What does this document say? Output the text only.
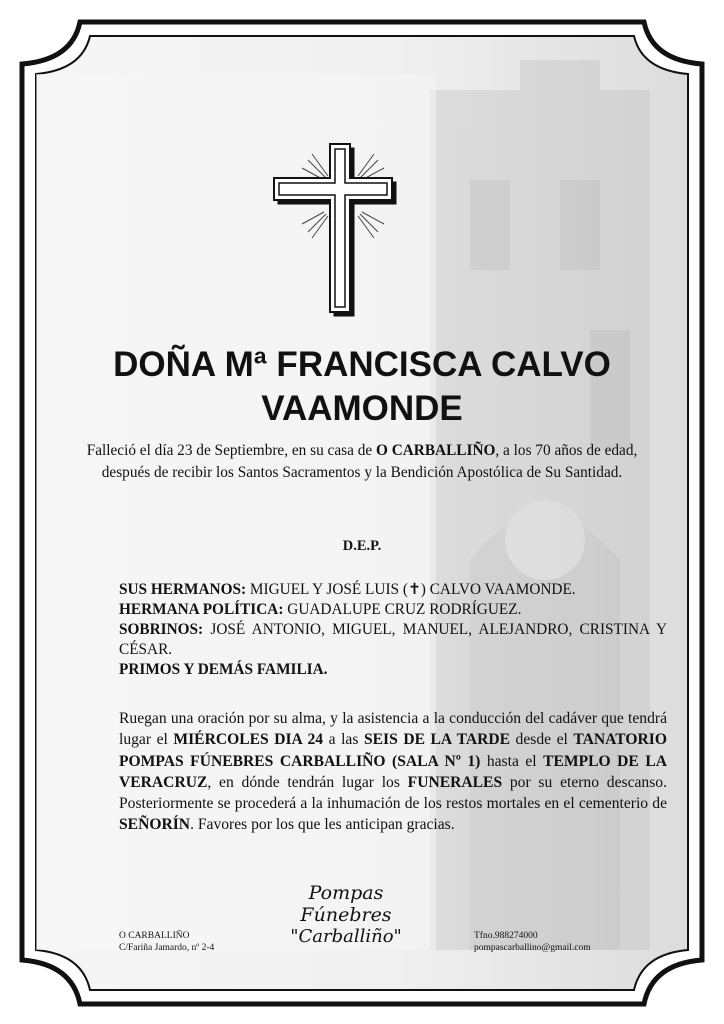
DOÑA Mª FRANCISCA CALVO
VAAMONDE
Falleció el día 23 de Septiembre, en su casa de O CARBALLIÑO, a los 70 años de edad, después de recibir los Santos Sacramentos y la Bendición Apostólica de Su Santidad.
D.E.P.

SUS HERMANOS: MIGUEL Y JOSÉ LUIS (✝) CALVO VAAMONDE.

HERMANA POLÍTICA: GUADALUPE CRUZ RODRÍGUEZ.

SOBRINOS: JOSÉ ANTONIO, MIGUEL, MANUEL, ALEJANDRO, CRISTINA Y CÉSAR.

PRIMOS Y DEMÁS FAMILIA.

Ruegan una oración por su alma, y la asistencia a la conducción del cadáver que tendrá lugar el MIÉRCOLES DIA 24 a las SEIS DE LA TARDE desde el TANATORIO POMPAS FÚNEBRES CARBALLIÑO (SALA Nº 1) hasta el TEMPLO DE LA VERACRUZ, en dónde tendrán lugar los FUNERALES por su eterno descanso. Posteriormente se procederá a la inhumación de los restos mortales en el cementerio de SEÑORÍN. Favores por los que les anticipan gracias.
Pompas Fúnebres
"Carballiño"
O CARBALLIÑO
C/Fariña Jamardo, nº 2-4
Tfno.988274000
pompascarballino@gmail.com
